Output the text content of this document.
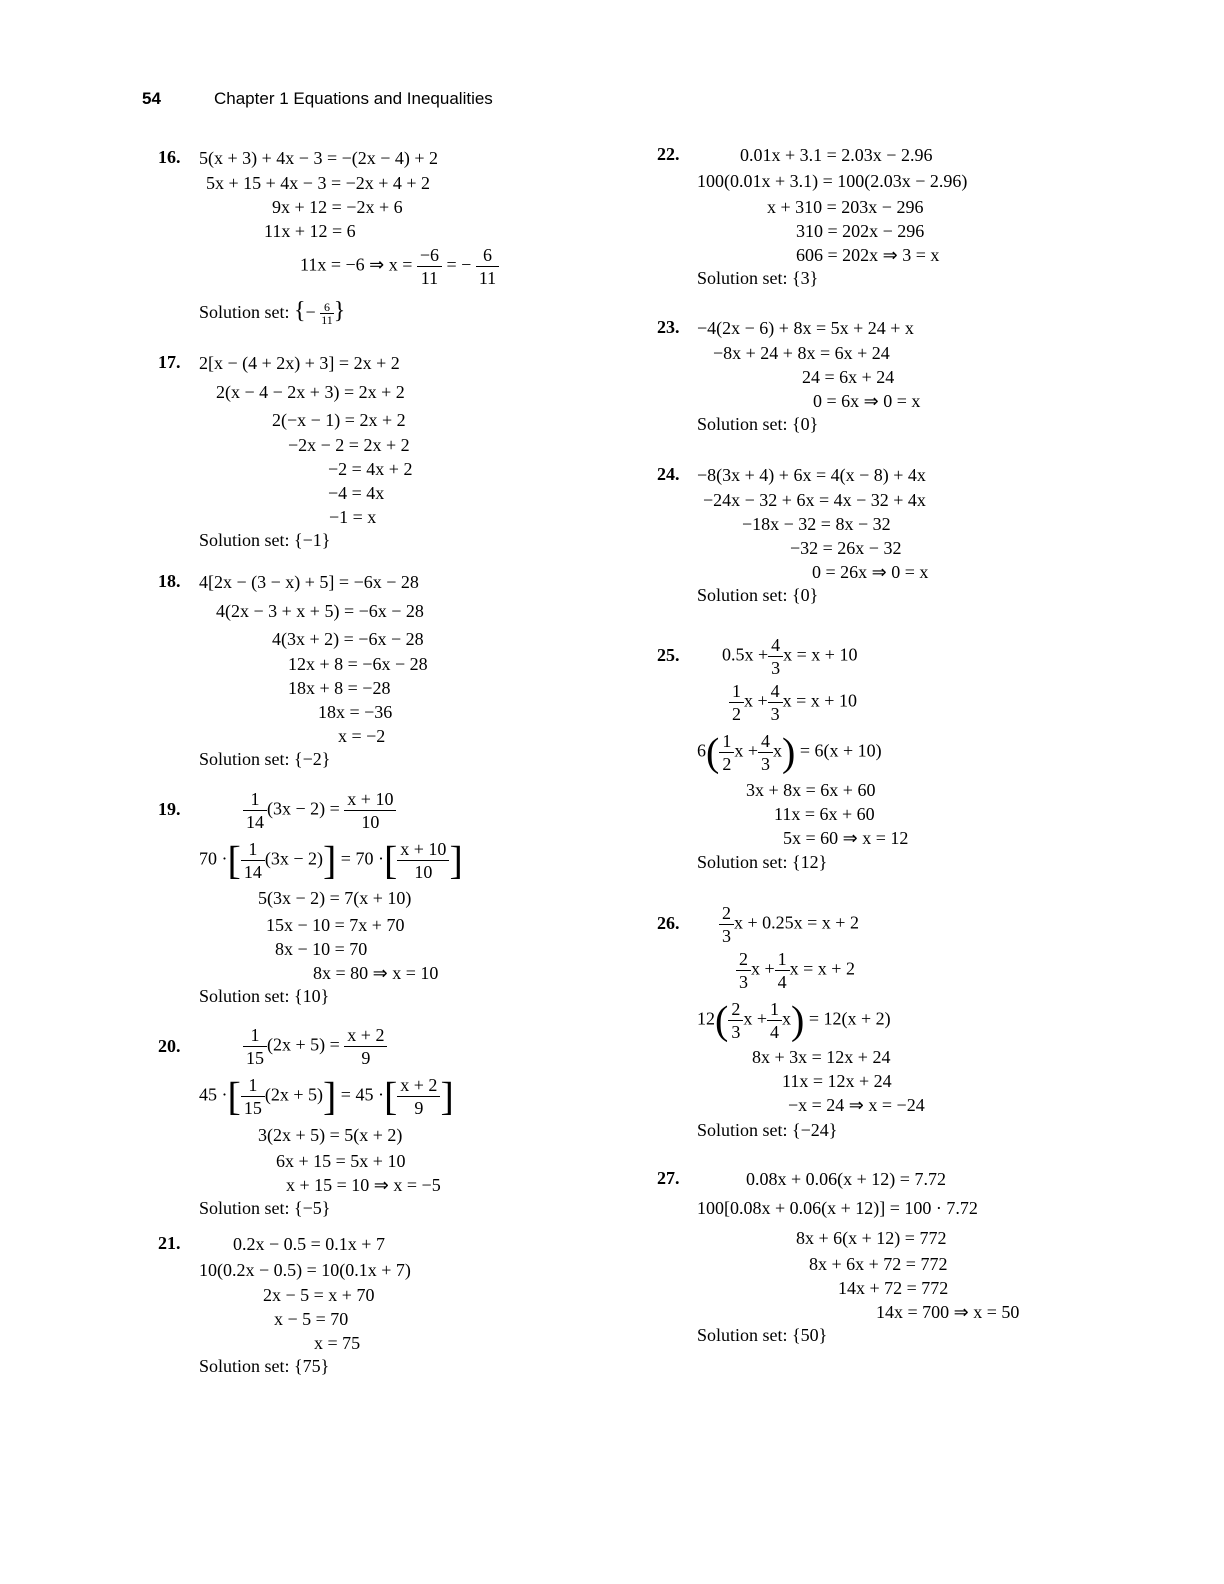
54	Chapter 1 Equations and Inequalities
16. 5(x + 3) + 4x − 3 = −(2x − 4) + 2
5x + 15 + 4x − 3 = −2x + 4 + 2
9x + 12 = −2x + 6
11x + 12 = 6
11x = −6 ⇒ $x = \frac{-6}{11}$ = − $\frac{6}{11}$
Solution set: {− $\frac{6}{11}$ }
17. 2[x − (4 + 2x) + 3] = 2x + 2
2(x − 4 − 2x + 3) = 2x + 2
2(−x − 1) = 2x + 2
−2x − 2 = 2x + 2
−2 = 4x + 2
−4 = 4x
−1 = x
Solution set: {−1}
18. 4[2x − (3 − x) + 5] = −6x − 28
4(2x − 3 + x + 5) = −6x − 28
4(3x + 2) = −6x − 28
12x + 8 = −6x − 28
18x + 8 = −28
18x = −36
x = −2
Solution set: {−2}
19.	$\frac{1}{14} (3x - 2) = \frac{x + 10}{10}$
70 ·[ $\frac{1}{14} (3x - 2)] = 70$ ·[ $\frac{x + 10}{10}$ ]
5(3x − 2) = 7(x + 10)
15x − 10 = 7x + 70
8x − 10 = 70
8x = 80 ⇒ x = 10
Solution set: {10}
20.	$\frac{1}{15} (2x + 5) = \frac{x + 2}{9}$
45 ·[ $\frac{1}{15} (2x + 5)] = 45$ ·[ $\frac{x + 2}{9}$ ]
3(2x + 5) = 5(x + 2)
6x + 15 = 5x + 10
x + 15 = 10 ⇒ x = −5
Solution set: {−5}
21.	0.2x − 0.5 = 0.1x + 7
10(0.2x − 0.5) = 10(0.1x + 7)
2x − 5 = x + 70
x − 5 = 70
x = 75
Solution set: {75}
22.	0.01x + 3.1 = 2.03x − 2.96
100(0.01x + 3.1) = 100(2.03x − 2.96)
x + 310 = 203x − 296
310 = 202x − 296
606 = 202x ⇒ 3 = x
Solution set: {3}
23. −4(2x − 6) + 8x = 5x + 24 + x
−8x + 24 + 8x = 6x + 24
24 = 6x + 24
0 = 6x ⇒ 0 = x
Solution set: {0}
24. −8(3x + 4) + 6x = 4(x − 8) + 4x
−24x − 32 + 6x = 4x − 32 + 4x
−18x − 32 = 8x − 32
−32 = 26x − 32
0 = 26x ⇒ 0 = x
Solution set: {0}
25. $0.5x + \frac{4}{3}$ x = x + 10
$\frac{1}{2}$ $x + \frac{4}{3}$ x = x + 10
$6( \frac{1}{2}$ $x + \frac{4}{3} x) = 6(x + 10)$
3x + 8x = 6x + 60
11x = 6x + 60
5x = 60 ⇒ x = 12
Solution set: {12}
26. $\frac{2}{3}$ x + 0.25x = x + 2
$\frac{2}{3}$ $x + \frac{1}{4}$ x = x + 2
$12( \frac{2}{3}$ $x + \frac{1}{4} x) = 12(x + 2)$
8x + 3x = 12x + 24
11x = 12x + 24
−x = 24 ⇒ x = −24
Solution set: {−24}
27.	0.08x + 0.06(x + 12) = 7.72
100[0.08x + 0.06(x + 12)] = 100 · 7.72
8x + 6(x + 12) = 772
8x + 6x + 72 = 772
14x + 72 = 772
14x = 700 ⇒ x = 50
Solution set: {50}
